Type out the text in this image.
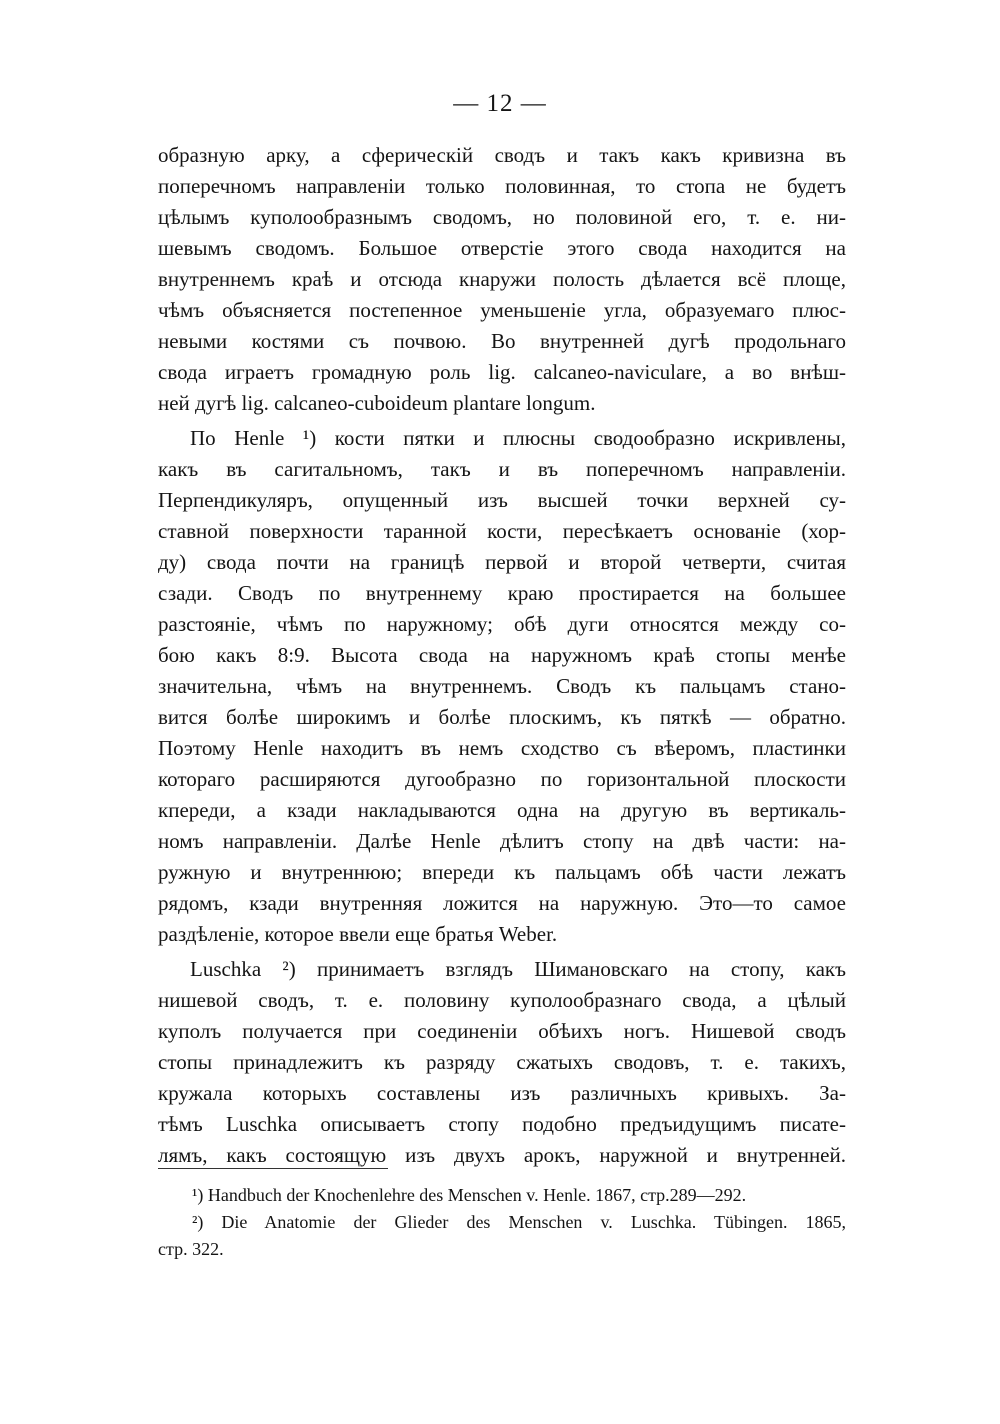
— 12 —
образную арку, а сферическій сводъ и такъ какъ кривизна въ
поперечномъ направленіи только половинная, то стопа не будетъ
цѣлымъ куполообразнымъ сводомъ, но половиной его, т. е. ни-
шевымъ сводомъ. Большое отверстіе этого свода находится на
внутреннемъ краѣ и отсюда кнаружи полость дѣлается всё площе,
чѣмъ объясняется постепенное уменьшеніе угла, образуемаго плюс-
невыми костями съ почвою. Во внутренней дугѣ продольнаго
свода играетъ громадную роль lig. calcaneo-naviculare, а во внѣш-
ней дугѣ lig. calcaneo-cuboideum plantare longum.
По Henle ¹) кости пятки и плюсны сводообразно искривлены,
какъ въ сагитальномъ, такъ и въ поперечномъ направленіи.
Перпендикуляръ, опущенный изъ высшей точки верхней су-
ставной поверхности таранной кости, пересѣкаетъ основаніе (хор-
ду) свода почти на границѣ первой и второй четверти, считая
сзади. Сводъ по внутреннему краю простирается на большее
разстояніе, чѣмъ по наружному; обѣ дуги относятся между со-
бою какъ 8:9. Высота свода на наружномъ краѣ стопы менѣе
значительна, чѣмъ на внутреннемъ. Сводъ къ пальцамъ стано-
вится болѣе широкимъ и болѣе плоскимъ, къ пяткѣ — обратно.
Поэтому Henle находитъ въ немъ сходство съ вѣеромъ, пластинки
котораго расширяются дугообразно по горизонтальной плоскости
кпереди, а кзади накладываются одна на другую въ вертикаль-
номъ направленіи. Далѣе Henle дѣлитъ стопу на двѣ части: на-
ружную и внутреннюю; впереди къ пальцамъ обѣ части лежатъ
рядомъ, кзади внутренняя ложится на наружную. Это—то самое
раздѣленіе, которое ввели еще братья Weber.
Luschka ²) принимаетъ взглядъ Шимановскаго на стопу, какъ
нишевой сводъ, т. е. половину куполообразнаго свода, а цѣлый
куполъ получается при соединеніи обѣихъ ногъ. Нишевой сводъ
стопы принадлежитъ къ разряду сжатыхъ сводовъ, т. е. такихъ,
кружала которыхъ составлены изъ различныхъ кривыхъ. За-
тѣмъ Luschka описываетъ стопу подобно предъидущимъ писате-
лямъ, какъ состоящую изъ двухъ арокъ, наружной и внутренней.
¹) Handbuch der Knochenlehre des Menschen v. Henle. 1867, стр.289—292.
²) Die Anatomie der Glieder des Menschen v. Luschka. Tübingen. 1865,
стр. 322.
